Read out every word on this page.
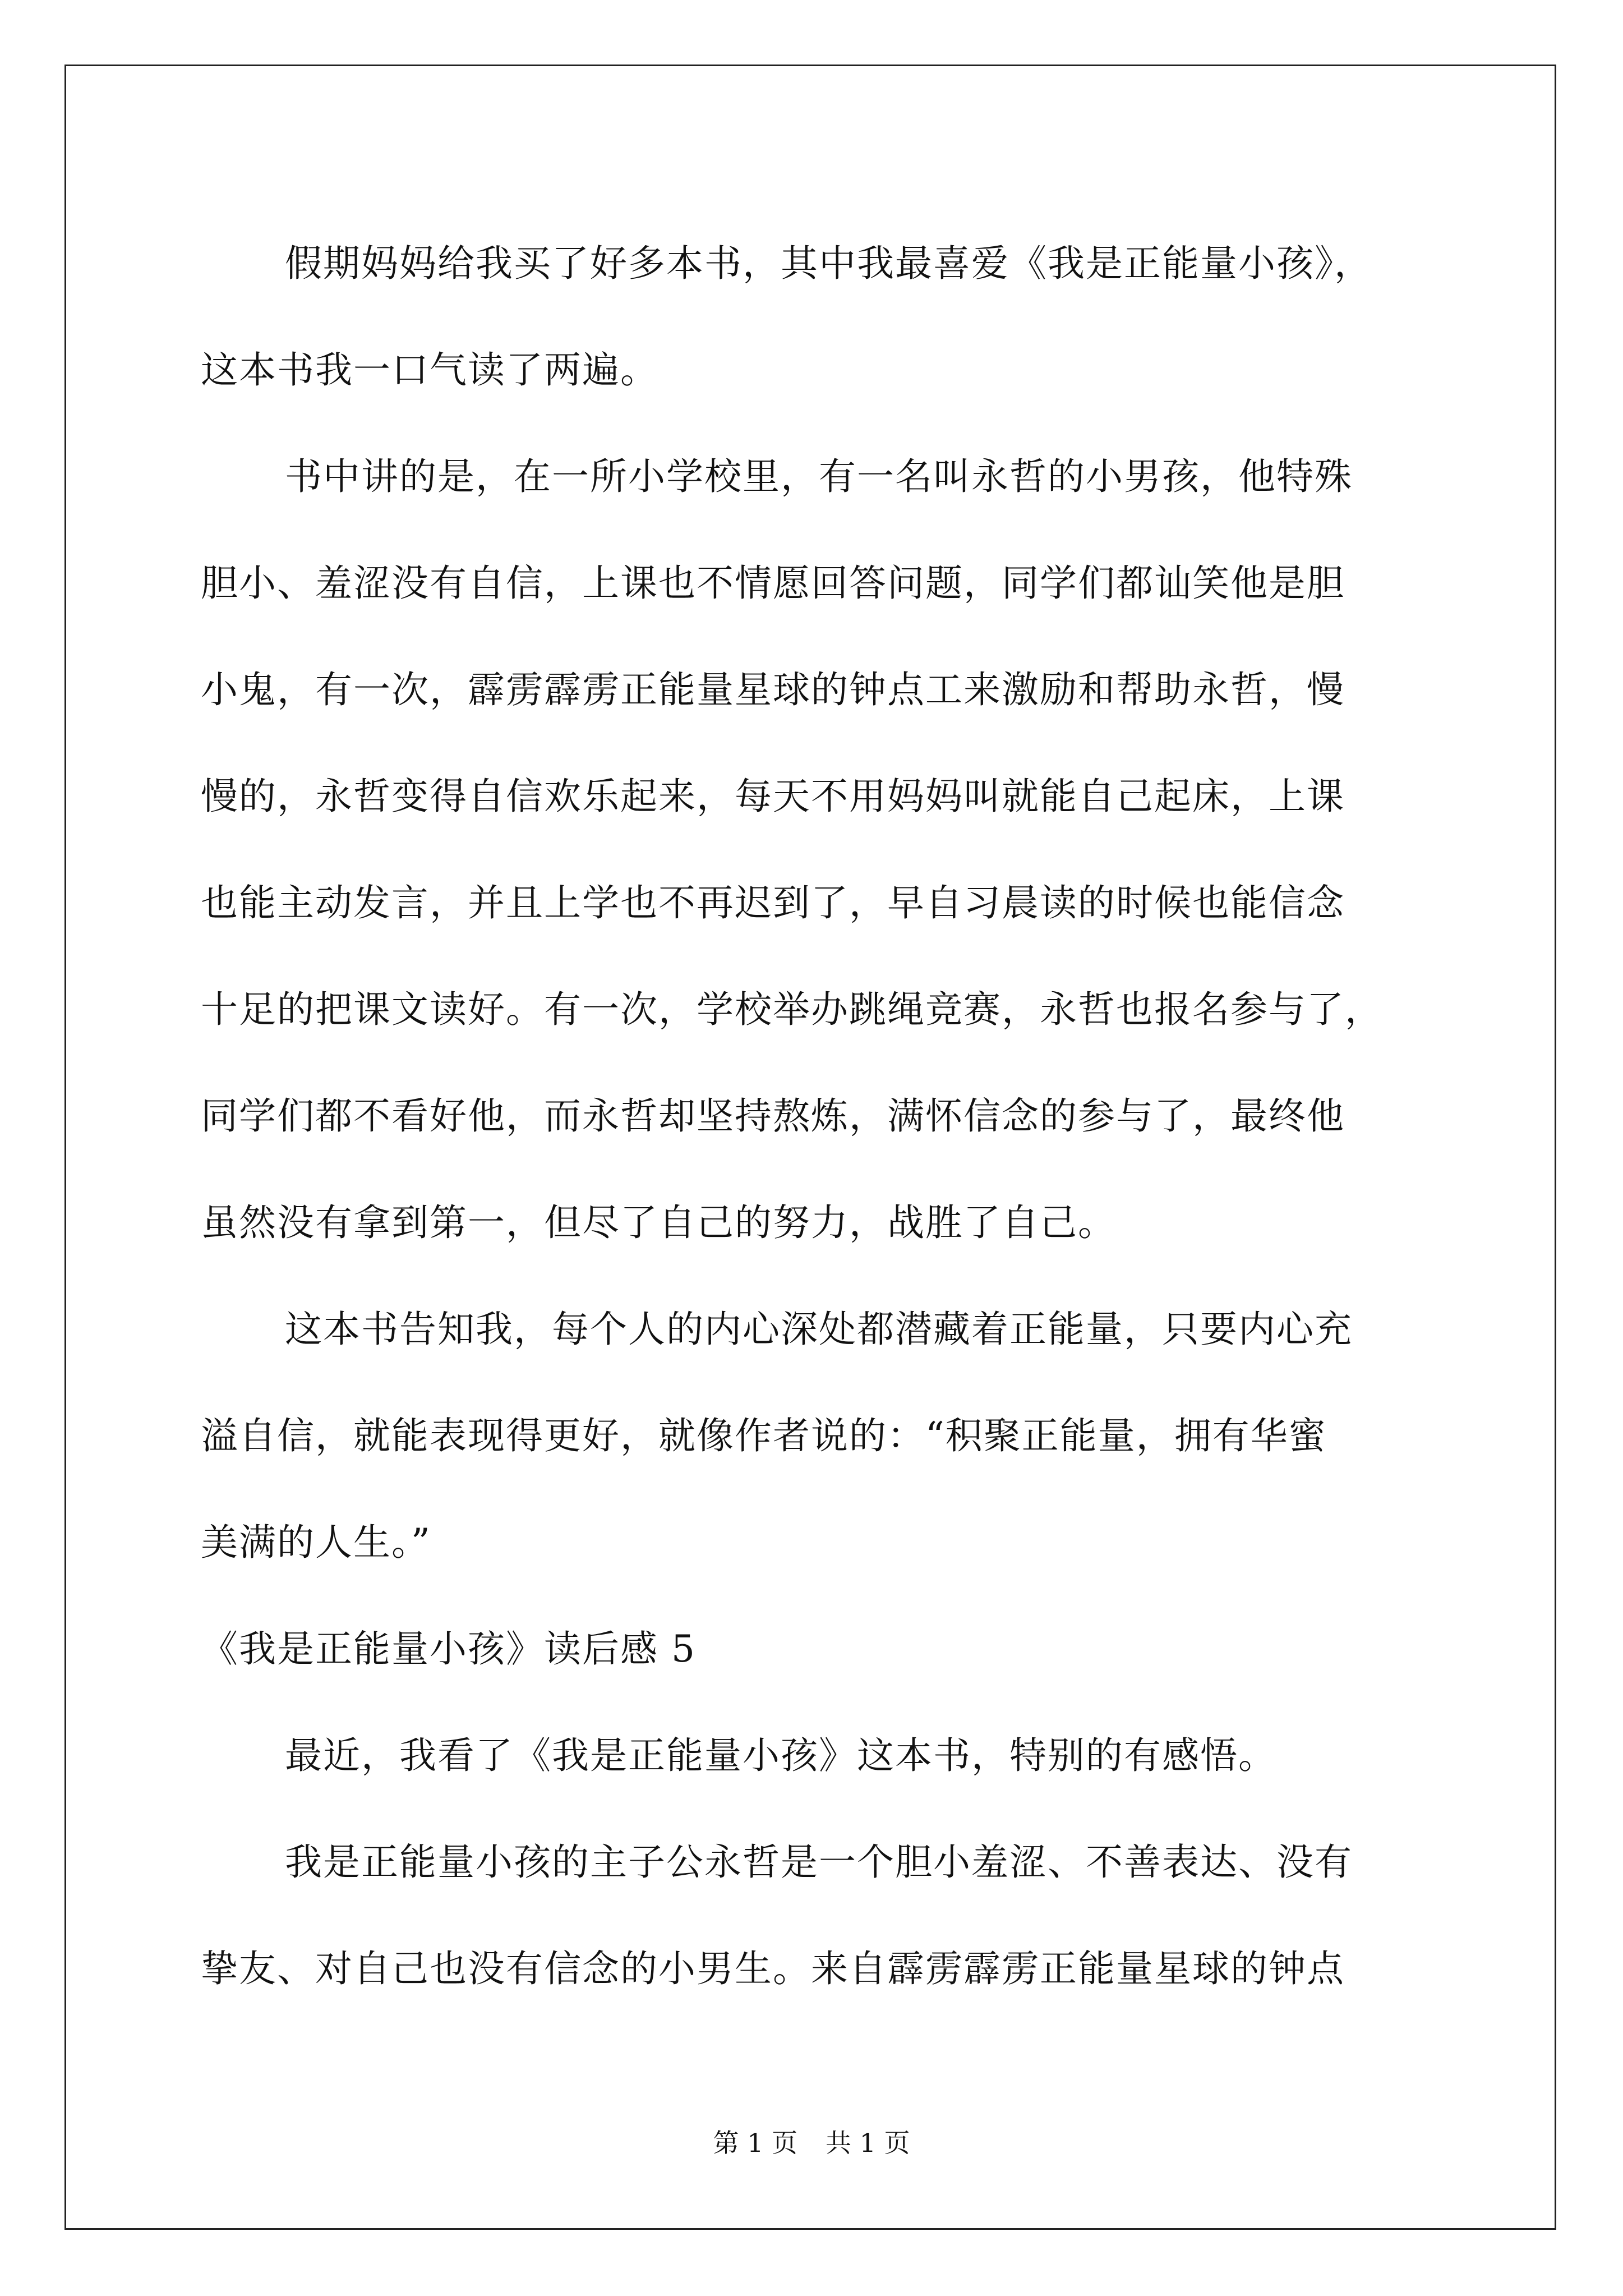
假期妈妈给我买了好多本书，其中我最喜爱《我是正能量小孩》，
这本书我一口气读了两遍。
书中讲的是，在一所小学校里，有一名叫永哲的小男孩，他特殊
胆小、羞涩没有自信，上课也不情愿回答问题，同学们都讪笑他是胆
小鬼，有一次，霹雳霹雳正能量星球的钟点工来激励和帮助永哲，慢
慢的，永哲变得自信欢乐起来，每天不用妈妈叫就能自己起床，上课
也能主动发言，并且上学也不再迟到了，早自习晨读的时候也能信念
十足的把课文读好。有一次，学校举办跳绳竞赛，永哲也报名参与了，
同学们都不看好他，而永哲却坚持熬炼，满怀信念的参与了，最终他
虽然没有拿到第一，但尽了自己的努力，战胜了自己。
这本书告知我，每个人的内心深处都潜藏着正能量，只要内心充
溢自信，就能表现得更好，就像作者说的：“积聚正能量，拥有华蜜
美满的人生。”
《我是正能量小孩》读后感 5
最近，我看了《我是正能量小孩》这本书，特别的有感悟。
我是正能量小孩的主子公永哲是一个胆小羞涩、不善表达、没有
挚友、对自己也没有信念的小男生。来自霹雳霹雳正能量星球的钟点
第 1 页 共 1 页
